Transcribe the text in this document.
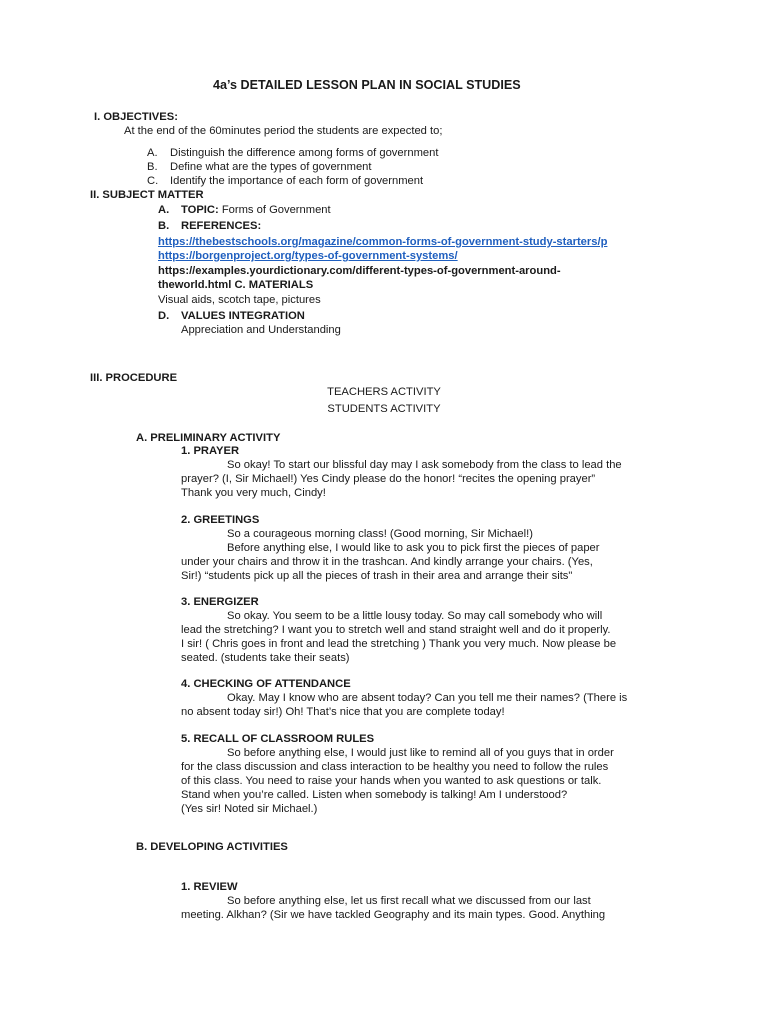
4a’s DETAILED LESSON PLAN IN SOCIAL STUDIES
I. OBJECTIVES:
At the end of the 60minutes period the students are expected to;
A. Distinguish the difference among forms of government
B. Define what are the types of government
C. Identify the importance of each form of government
II. SUBJECT MATTER
A. TOPIC: Forms of Government
B. REFERENCES:
https://thebestschools.org/magazine/common-forms-of-government-study-starters/p
https://borgenproject.org/types-of-government-systems/
https://examples.yourdictionary.com/different-types-of-government-around-
theworld.html C. MATERIALS
Visual aids, scotch tape, pictures
D. VALUES INTEGRATION
Appreciation and Understanding
III. PROCEDURE
TEACHERS ACTIVITY
STUDENTS ACTIVITY
A. PRELIMINARY ACTIVITY
1. PRAYER
So okay! To start our blissful day may I ask somebody from the class to lead the
prayer? (I, Sir Michael!) Yes Cindy please do the honor! “recites the opening prayer”
Thank you very much, Cindy!
2. GREETINGS
So a courageous morning class! (Good morning, Sir Michael!)
Before anything else, I would like to ask you to pick first the pieces of paper
under your chairs and throw it in the trashcan. And kindly arrange your chairs. (Yes,
Sir!) “students pick up all the pieces of trash in their area and arrange their sits"
3. ENERGIZER
So okay. You seem to be a little lousy today. So may call somebody who will
lead the stretching? I want you to stretch well and stand straight well and do it properly.
I sir! ( Chris goes in front and lead the stretching ) Thank you very much. Now please be
seated. (students take their seats)
4. CHECKING OF ATTENDANCE
Okay. May I know who are absent today? Can you tell me their names? (There is
no absent today sir!) Oh! That’s nice that you are complete today!
5. RECALL OF CLASSROOM RULES
So before anything else, I would just like to remind all of you guys that in order
for the class discussion and class interaction to be healthy you need to follow the rules
of this class. You need to raise your hands when you wanted to ask questions or talk.
Stand when you’re called. Listen when somebody is talking! Am I understood?
(Yes sir! Noted sir Michael.)
B. DEVELOPING ACTIVITIES
1. REVIEW
So before anything else, let us first recall what we discussed from our last
meeting. Alkhan? (Sir we have tackled Geography and its main types. Good. Anything
